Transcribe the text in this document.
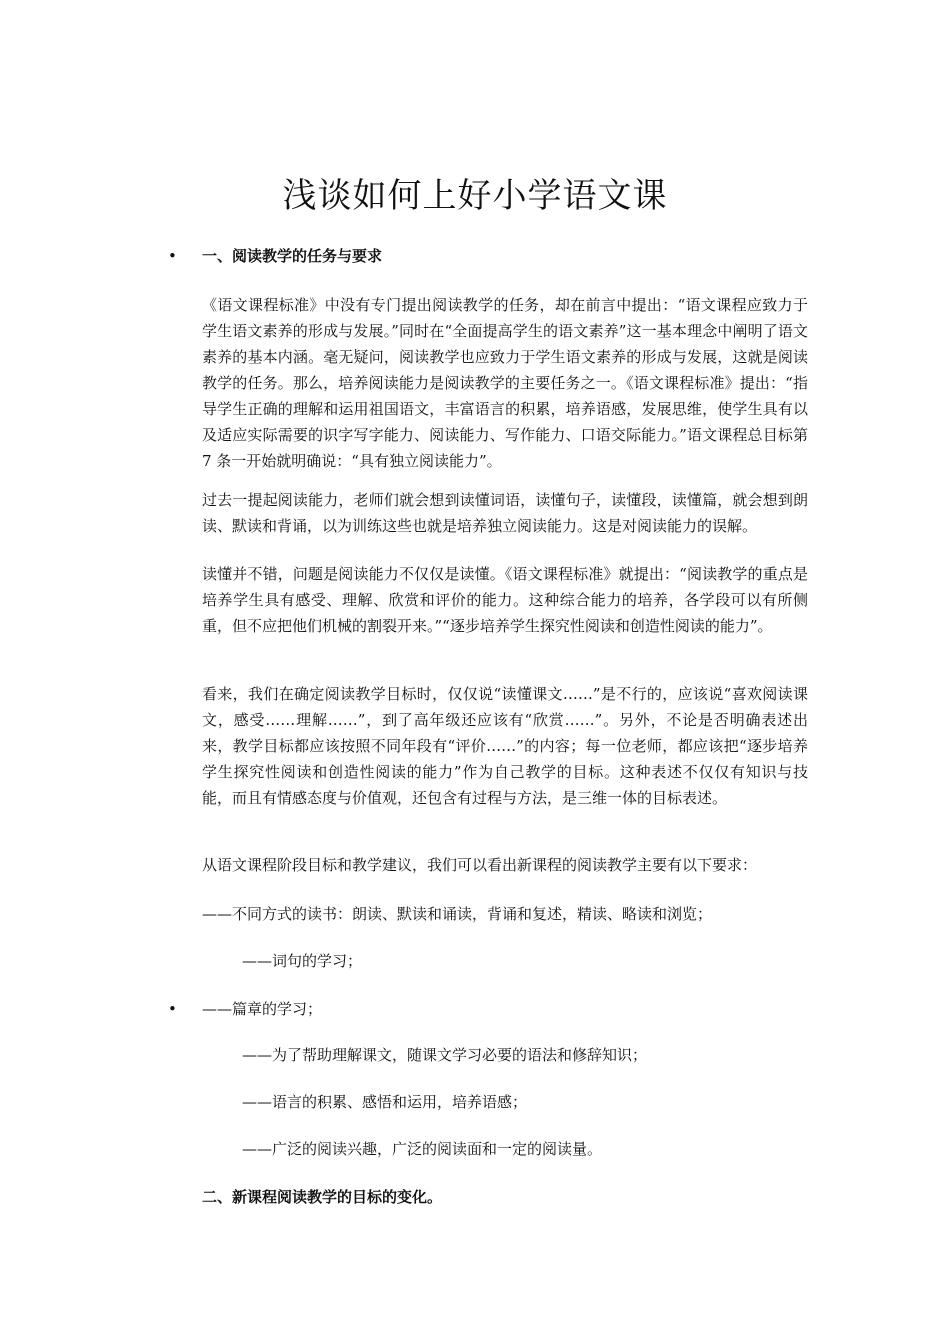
浅谈如何上好小学语文课
• 一、阅读教学的任务与要求

《语文课程标准》中没有专门提出阅读教学的任务，却在前言中提出：“语文课程应致力于学生语文素养的形成与发展。”同时在“全面提高学生的语文素养”这一基本理念中阐明了语文素养的基本内涵。毫无疑问，阅读教学也应致力于学生语文素养的形成与发展，这就是阅读教学的任务。那么，培养阅读能力是阅读教学的主要任务之一。《语文课程标准》提出：“指导学生正确的理解和运用祖国语文，丰富语言的积累，培养语感，发展思维，使学生具有以及适应实际需要的识字写字能力、阅读能力、写作能力、口语交际能力。”语文课程总目标第 7 条一开始就明确说：“具有独立阅读能力”。

过去一提起阅读能力，老师们就会想到读懂词语，读懂句子，读懂段，读懂篇，就会想到朗读、默读和背诵，以为训练这些也就是培养独立阅读能力。这是对阅读能力的误解。

读懂并不错，问题是阅读能力不仅仅是读懂。《语文课程标准》就提出：“阅读教学的重点是培养学生具有感受、理解、欣赏和评价的能力。这种综合能力的培养，各学段可以有所侧重，但不应把他们机械的割裂开来。”“逐步培养学生探究性阅读和创造性阅读的能力”。

看来，我们在确定阅读教学目标时，仅仅说“读懂课文……”是不行的，应该说“喜欢阅读课文，感受……理解……”，到了高年级还应该有“欣赏……”。另外，不论是否明确表述出来，教学目标都应该按照不同年段有“评价……”的内容；每一位老师，都应该把“逐步培养学生探究性阅读和创造性阅读的能力”作为自己教学的目标。这种表述不仅仅有知识与技能，而且有情感态度与价值观，还包含有过程与方法，是三维一体的目标表述。

从语文课程阶段目标和教学建议，我们可以看出新课程的阅读教学主要有以下要求：

——不同方式的读书：朗读、默读和诵读，背诵和复述，精读、略读和浏览；

——词句的学习；

• ——篇章的学习；

——为了帮助理解课文，随课文学习必要的语法和修辞知识；

——语言的积累、感悟和运用，培养语感；

——广泛的阅读兴趣，广泛的阅读面和一定的阅读量。

二、新课程阅读教学的目标的变化。
